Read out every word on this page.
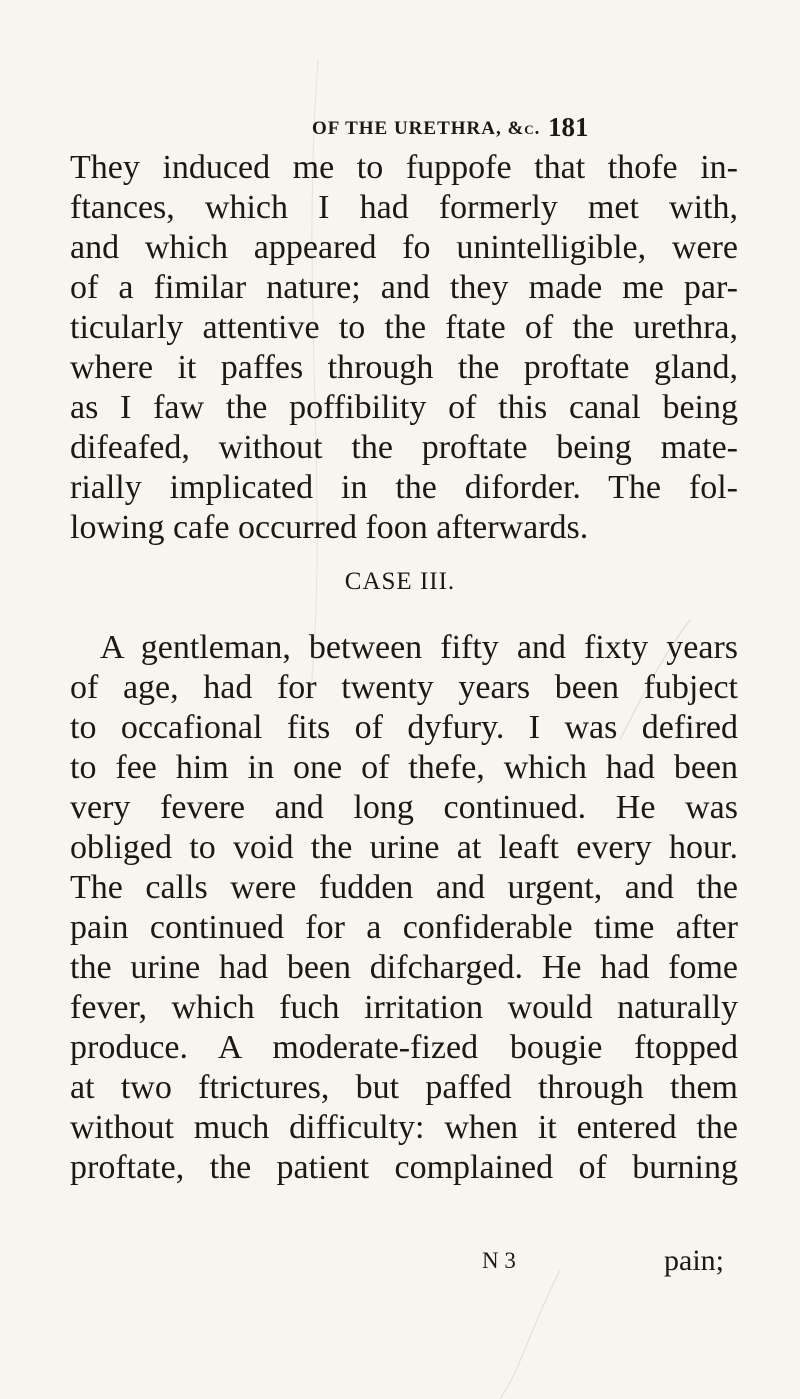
OF THE URETHRA, &c. 181
They induced me to fuppofe that thofe in-
ftances, which I had formerly met with,
and which appeared fo unintelligible, were
of a fimilar nature; and they made me par-
ticularly attentive to the ftate of the urethra,
where it paffes through the proftate gland,
as I faw the poffibility of this canal being
difeafed, without the proftate being mate-
rially implicated in the diforder. The fol-
lowing cafe occurred foon afterwards.
CASE III.
A gentleman, between fifty and fixty years
of age, had for twenty years been fubject
to occafional fits of dyfury. I was defired
to fee him in one of thefe, which had been
very fevere and long continued. He was
obliged to void the urine at leaft every hour.
The calls were fudden and urgent, and the
pain continued for a confiderable time after
the urine had been difcharged. He had fome
fever, which fuch irritation would naturally
produce. A moderate-fized bougie ftopped
at two ftrictures, but paffed through them
without much difficulty: when it entered the
proftate, the patient complained of burning
N 3	pain;
